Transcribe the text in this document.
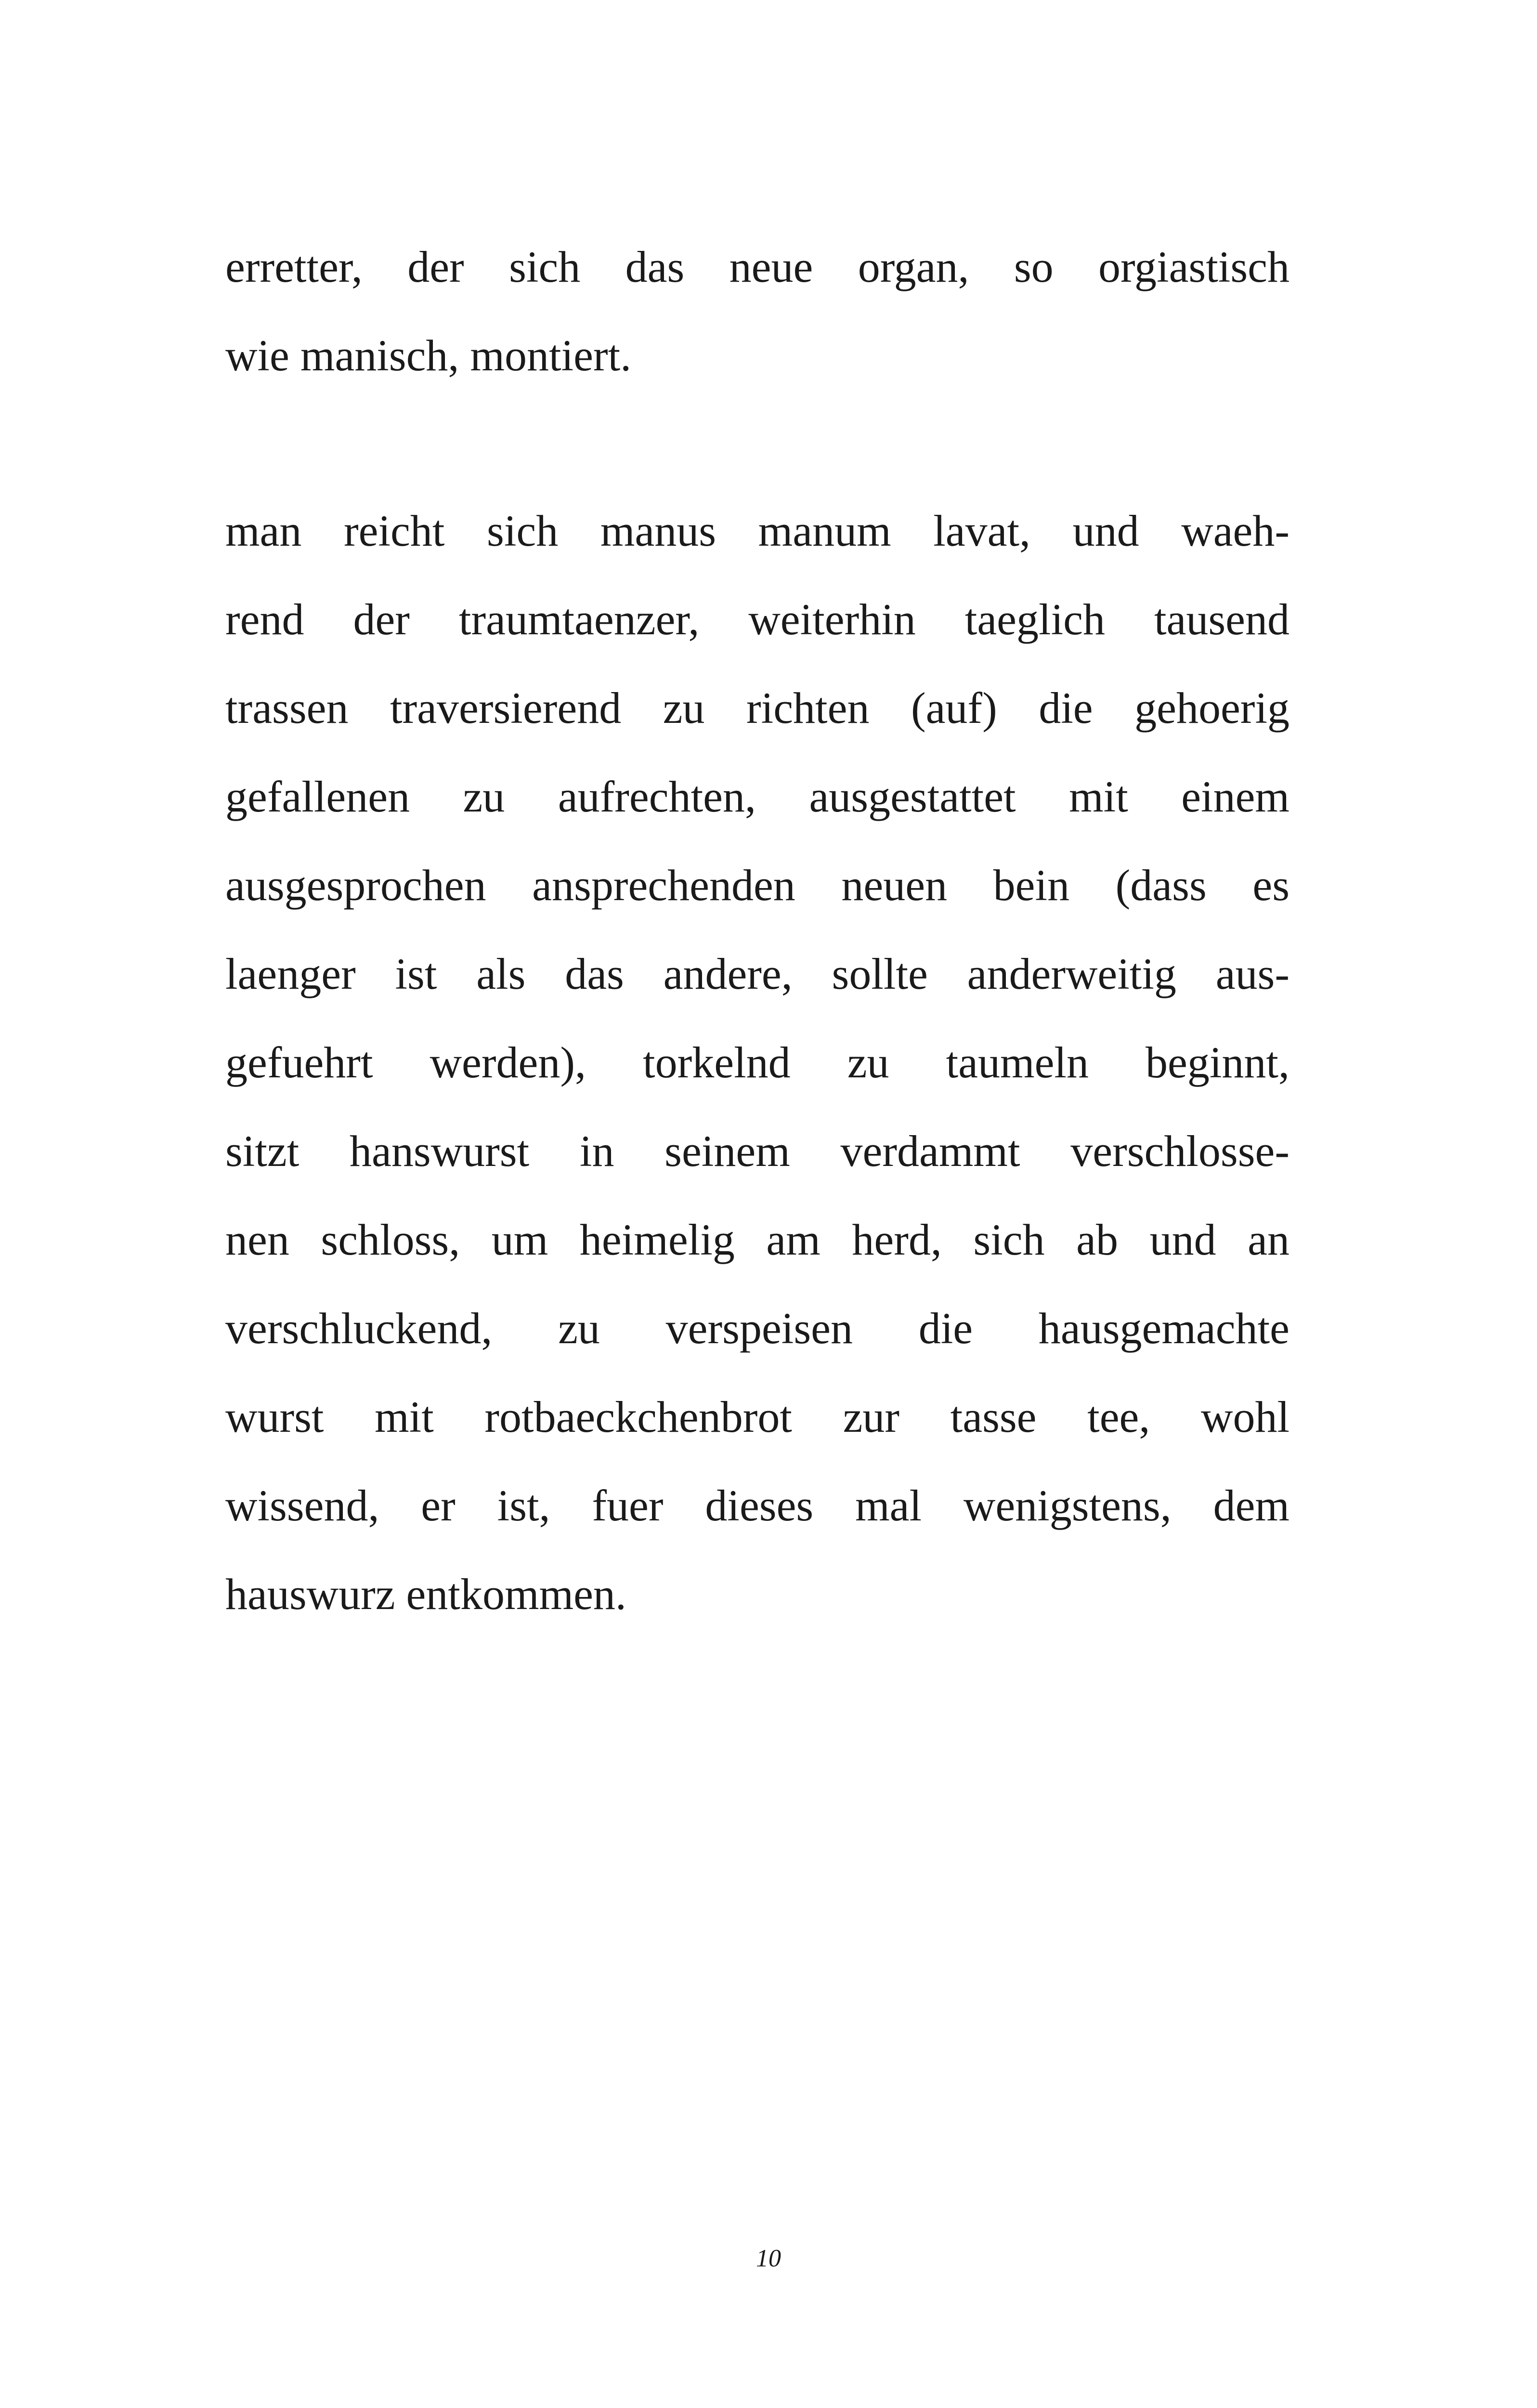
erretter, der sich das neue organ, so orgiastisch
wie manisch, montiert.
man reicht sich manus manum lavat, und waeh-
rend der traumtaenzer, weiterhin taeglich tausend
trassen traversierend zu richten (auf) die gehoerig
gefallenen zu aufrechten, ausgestattet mit einem
ausgesprochen ansprechenden neuen bein (dass es
laenger ist als das andere, sollte anderweitig aus-
gefuehrt werden), torkelnd zu taumeln beginnt,
sitzt hanswurst in seinem verdammt verschlosse-
nen schloss, um heimelig am herd, sich ab und an
verschluckend, zu verspeisen die hausgemachte
wurst mit rotbaeckchenbrot zur tasse tee, wohl
wissend, er ist, fuer dieses mal wenigstens, dem
hauswurz entkommen.
10
